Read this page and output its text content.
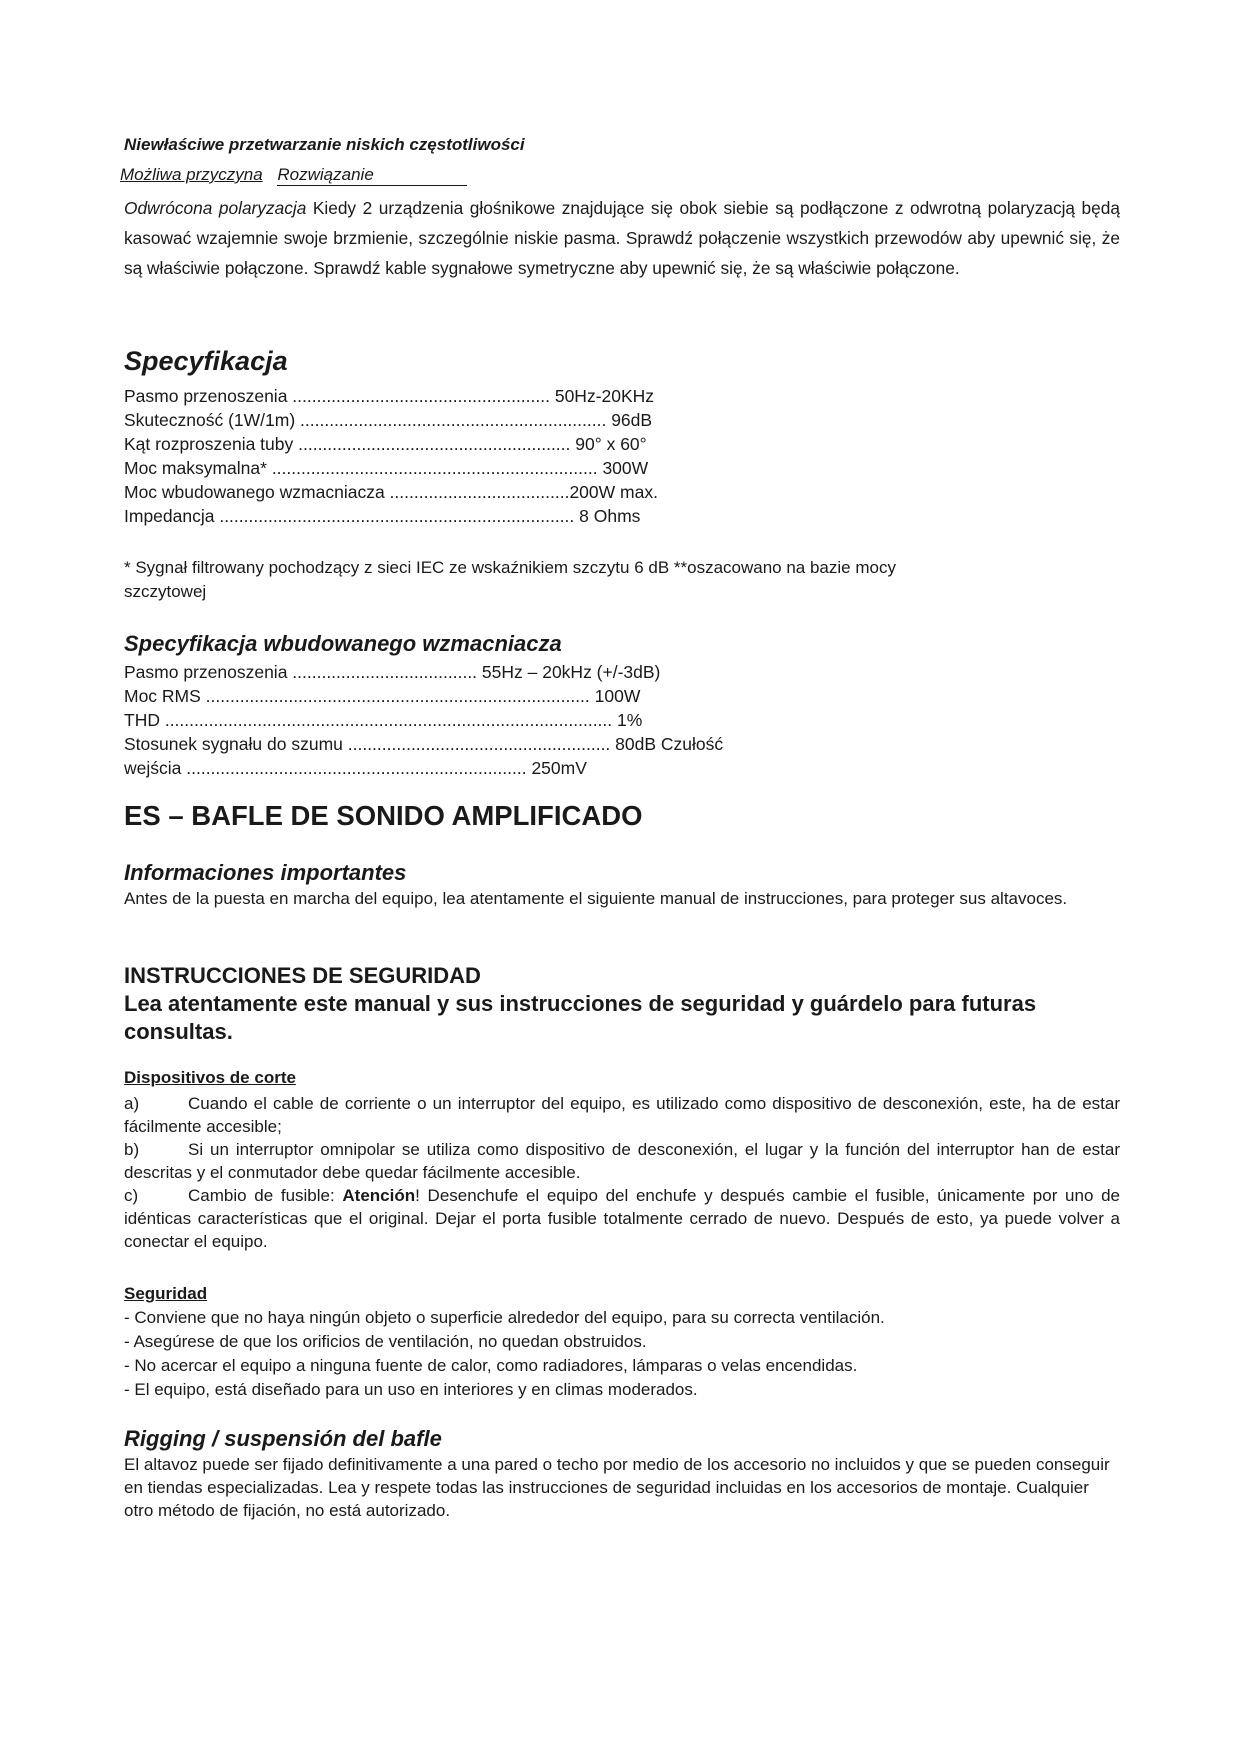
Niewłaściwe przetwarzanie niskich częstotliwości
Możliwa przyczyna Rozwiązanie

Odwrócona polaryzacja Kiedy 2 urządzenia głośnikowe znajdujące się obok siebie są podłączone z odwrotną polaryzacją będą kasować wzajemnie swoje brzmienie, szczególnie niskie pasma. Sprawdź połączenie wszystkich przewodów aby upewnić się, że są właściwie połączone. Sprawdź kable sygnałowe symetryczne aby upewnić się, że są właściwie połączone.

Specyfikacja
Pasmo przenoszenia ..................................................... 50Hz-20KHz
Skuteczność (1W/1m) ............................................................... 96dB
Kąt rozproszenia tuby ........................................................ 90° x 60°
Moc maksymalna* ................................................................... 300W
Moc wbudowanego wzmacniacza .....................................200W max.
Impedancja ......................................................................... 8 Ohms

* Sygnał filtrowany pochodzący z sieci IEC ze wskaźnikiem szczytu 6 dB **oszacowano na bazie mocy szczytowej

Specyfikacja wbudowanego wzmacniacza
Pasmo przenoszenia ...................................... 55Hz – 20kHz (+/-3dB)
Moc RMS ............................................................................... 100W
THD ............................................................................................ 1%
Stosunek sygnału do szumu ...................................................... 80dB Czułość
wejścia ...................................................................... 250mV
ES – BAFLE DE SONIDO AMPLIFICADO
Informaciones importantes

Antes de la puesta en marcha del equipo, lea atentamente el siguiente manual de instrucciones, para proteger sus altavoces.

INSTRUCCIONES DE SEGURIDAD
Lea atentamente este manual y sus instrucciones de seguridad y guárdelo para futuras consultas.
Dispositivos de corte

a)	Cuando el cable de corriente o un interruptor del equipo, es utilizado como dispositivo de desconexión, este, ha de estar fácilmente accesible;

b)	Si un interruptor omnipolar se utiliza como dispositivo de desconexión, el lugar y la función del interruptor han de estar descritas y el conmutador debe quedar fácilmente accesible.

c)	Cambio de fusible: Atención! Desenchufe el equipo del enchufe y después cambie el fusible, únicamente por uno de idénticas características que el original. Dejar el porta fusible totalmente cerrado de nuevo. Después de esto, ya puede volver a conectar el equipo.

Seguridad

- Conviene que no haya ningún objeto o superficie alrededor del equipo, para su correcta ventilación.

- Asegúrese de que los orificios de ventilación, no quedan obstruidos.

- No acercar el equipo a ninguna fuente de calor, como radiadores, lámparas o velas encendidas.

- El equipo, está diseñado para un uso en interiores y en climas moderados.

Rigging / suspensión del bafle

El altavoz puede ser fijado definitivamente a una pared o techo por medio de los accesorio no incluidos y que se pueden conseguir en tiendas especializadas. Lea y respete todas las instrucciones de seguridad incluidas en los accesorios de montaje. Cualquier otro método de fijación, no está autorizado.
